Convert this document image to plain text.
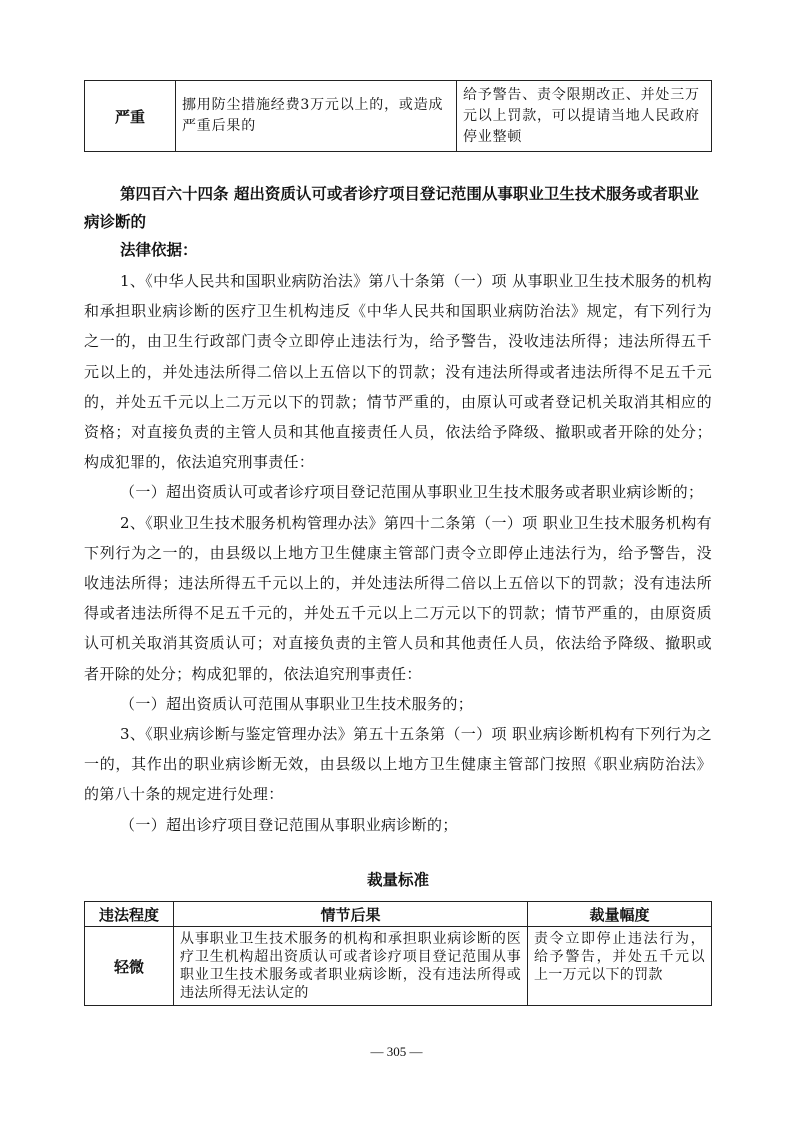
严重	挪用防尘措施经费3万元以上的，或造成严重后果的	给予警告、责令限期改正、并处三万元以上罚款，可以提请当地人民政府停业整顿
第四百六十四条 超出资质认可或者诊疗项目登记范围从事职业卫生技术服务或者职业病诊断的
法律依据：

1、《中华人民共和国职业病防治法》第八十条第（一）项 从事职业卫生技术服务的机构和承担职业病诊断的医疗卫生机构违反《中华人民共和国职业病防治法》规定，有下列行为之一的，由卫生行政部门责令立即停止违法行为，给予警告，没收违法所得；违法所得五千元以上的，并处违法所得二倍以上五倍以下的罚款；没有违法所得或者违法所得不足五千元的，并处五千元以上二万元以下的罚款；情节严重的，由原认可或者登记机关取消其相应的资格；对直接负责的主管人员和其他直接责任人员，依法给予降级、撤职或者开除的处分；构成犯罪的，依法追究刑事责任：

（一）超出资质认可或者诊疗项目登记范围从事职业卫生技术服务或者职业病诊断的；

2、《职业卫生技术服务机构管理办法》第四十二条第（一）项 职业卫生技术服务机构有下列行为之一的，由县级以上地方卫生健康主管部门责令立即停止违法行为，给予警告，没收违法所得；违法所得五千元以上的，并处违法所得二倍以上五倍以下的罚款；没有违法所得或者违法所得不足五千元的，并处五千元以上二万元以下的罚款；情节严重的，由原资质认可机关取消其资质认可；对直接负责的主管人员和其他责任人员，依法给予降级、撤职或者开除的处分；构成犯罪的，依法追究刑事责任：

（一）超出资质认可范围从事职业卫生技术服务的；

3、《职业病诊断与鉴定管理办法》第五十五条第（一）项 职业病诊断机构有下列行为之一的，其作出的职业病诊断无效，由县级以上地方卫生健康主管部门按照《职业病防治法》的第八十条的规定进行处理：

（一）超出诊疗项目登记范围从事职业病诊断的；

裁量标准
违法程度	情节后果	裁量幅度
轻微	从事职业卫生技术服务的机构和承担职业病诊断的医疗卫生机构超出资质认可或者诊疗项目登记范围从事职业卫生技术服务或者职业病诊断，没有违法所得或违法所得无法认定的	责令立即停止违法行为，给予警告，并处五千元以上一万元以下的罚款
— 305 —
